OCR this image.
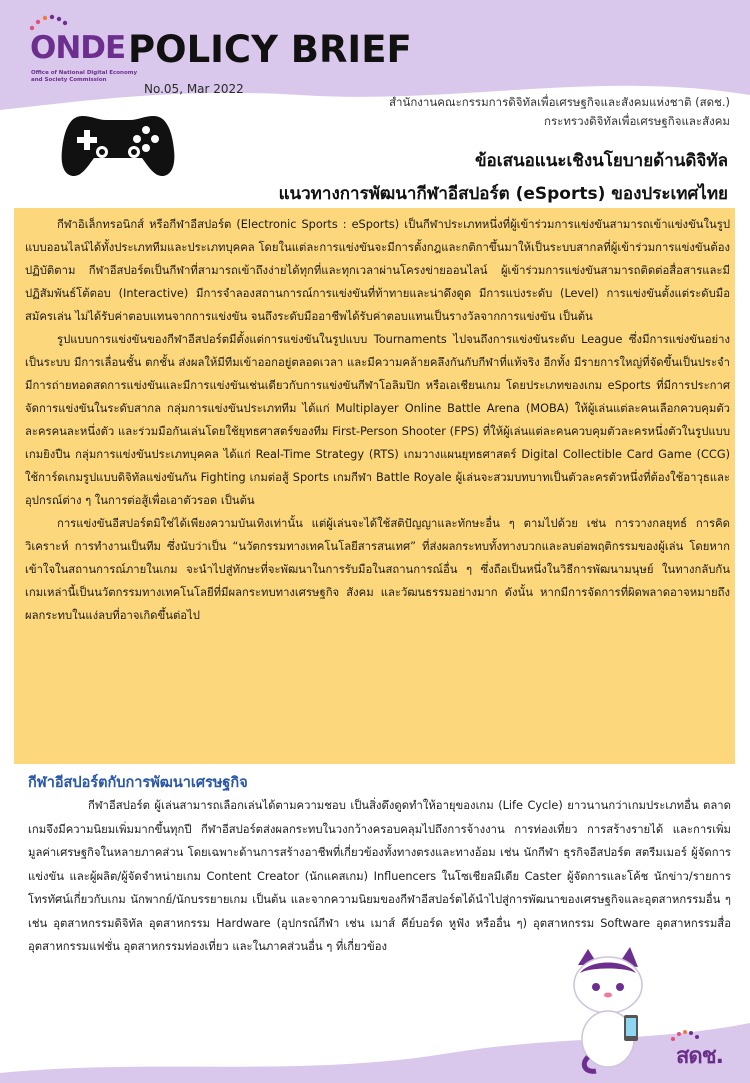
ONDE
Office of National Digital Economy and Society Commission
POLICY BRIEF
No.05, Mar 2022
สำนักงานคณะกรรมการดิจิทัลเพื่อเศรษฐกิจและสังคมแห่งชาติ (สดช.)
กระทรวงดิจิทัลเพื่อเศรษฐกิจและสังคม
ข้อเสนอแนะเชิงนโยบายด้านดิจิทัล
แนวทางการพัฒนากีฬาอีสปอร์ต (eSports) ของประเทศไทย

กีฬาอิเล็กทรอนิกส์ หรือกีฬาอีสปอร์ต (Electronic Sports : eSports) เป็นกีฬาประเภทหนึ่งที่ผู้เข้าร่วมการแข่งขันสามารถเข้าแข่งขันในรูปแบบออนไลน์ได้ทั้งประเภททีมและประเภทบุคคล โดยในแต่ละการแข่งขันจะมีการตั้งกฎและกติกาขึ้นมาให้เป็นระบบสากลที่ผู้เข้าร่วมการแข่งขันต้องปฏิบัติตาม กีฬาอีสปอร์ตเป็นกีฬาที่สามารถเข้าถึงง่ายได้ทุกที่และทุกเวลาผ่านโครงข่ายออนไลน์ ผู้เข้าร่วมการแข่งขันสามารถติดต่อสื่อสารและมีปฏิสัมพันธ์โต้ตอบ (Interactive) มีการจำลองสถานการณ์การแข่งขันที่ท้าทายและน่าดึงดูด มีการแบ่งระดับ (Level) การแข่งขันตั้งแต่ระดับมือสมัครเล่น ไม่ได้รับค่าตอบแทนจากการแข่งขัน จนถึงระดับมืออาชีพได้รับค่าตอบแทนเป็นรางวัลจากการแข่งขัน เป็นต้น

รูปแบบการแข่งขันของกีฬาอีสปอร์ตมีตั้งแต่การแข่งขันในรูปแบบ Tournaments ไปจนถึงการแข่งขันระดับ League ซึ่งมีการแข่งขันอย่างเป็นระบบ มีการเลื่อนชั้น ตกชั้น ส่งผลให้มีทีมเข้าออกอยู่ตลอดเวลา และมีความคล้ายคลึงกันกับกีฬาที่แท้จริง อีกทั้ง มีรายการใหญ่ที่จัดขึ้นเป็นประจำ มีการถ่ายทอดสดการแข่งขันและมีการแข่งขันเช่นเดียวกับการแข่งขันกีฬาโอลิมปิก หรือเอเชียนเกม โดยประเภทของเกม eSports ที่มีการประกาศจัดการแข่งขันในระดับสากล กลุ่มการแข่งขันประเภททีม ได้แก่ Multiplayer Online Battle Arena (MOBA) ให้ผู้เล่นแต่ละคนเลือกควบคุมตัวละครคนละหนึ่งตัว และร่วมมือกันเล่นโดยใช้ยุทธศาสตร์ของทีม First-Person Shooter (FPS) ที่ให้ผู้เล่นแต่ละคนควบคุมตัวละครหนึ่งตัวในรูปแบบเกมยิงปืน กลุ่มการแข่งขันประเภทบุคคล ได้แก่ Real-Time Strategy (RTS) เกมวางแผนยุทธศาสตร์ Digital Collectible Card Game (CCG) ใช้การ์ดเกมรูปแบบดิจิทัลแข่งขันกัน Fighting เกมต่อสู้ Sports เกมกีฬา Battle Royale ผู้เล่นจะสวมบทบาทเป็นตัวละครตัวหนึ่งที่ต้องใช้อาวุธและอุปกรณ์ต่าง ๆ ในการต่อสู้เพื่อเอาตัวรอด เป็นต้น

การแข่งขันอีสปอร์ตมิใช่ได้เพียงความบันเทิงเท่านั้น แต่ผู้เล่นจะได้ใช้สติปัญญาและทักษะอื่น ๆ ตามไปด้วย เช่น การวางกลยุทธ์ การคิดวิเคราะห์ การทำงานเป็นทีม ซึ่งนับว่าเป็น “นวัตกรรมทางเทคโนโลยีสารสนเทศ” ที่ส่งผลกระทบทั้งทางบวกและลบต่อพฤติกรรมของผู้เล่น โดยหากเข้าใจในสถานการณ์ภายในเกม จะนำไปสู่ทักษะที่จะพัฒนาในการรับมือในสถานการณ์อื่น ๆ ซึ่งถือเป็นหนึ่งในวิธีการพัฒนามนุษย์ ในทางกลับกัน เกมเหล่านี้เป็นนวัตกรรมทางเทคโนโลยีที่มีผลกระทบทางเศรษฐกิจ สังคม และวัฒนธรรมอย่างมาก ดังนั้น หากมีการจัดการที่ผิดพลาดอาจหมายถึงผลกระทบในแง่ลบที่อาจเกิดขึ้นต่อไป

กีฬาอีสปอร์ตกับการพัฒนาเศรษฐกิจ

กีฬาอีสปอร์ต ผู้เล่นสามารถเลือกเล่นได้ตามความชอบ เป็นสิ่งดึงดูดทำให้อายุของเกม (Life Cycle) ยาวนานกว่าเกมประเภทอื่น ตลาดเกมจึงมีความนิยมเพิ่มมากขึ้นทุกปี กีฬาอีสปอร์ตส่งผลกระทบในวงกว้างครอบคลุมไปถึงการจ้างงาน การท่องเที่ยว การสร้างรายได้ และการเพิ่มมูลค่าเศรษฐกิจในหลายภาคส่วน โดยเฉพาะด้านการสร้างอาชีพที่เกี่ยวข้องทั้งทางตรงและทางอ้อม เช่น นักกีฬา ธุรกิจอีสปอร์ต สตรีมเมอร์ ผู้จัดการแข่งขัน และผู้ผลิต/ผู้จัดจำหน่ายเกม Content Creator (นักแคสเกม) Influencers ในโซเชียลมีเดีย Caster ผู้จัดการและโค้ช นักข่าว/รายการโทรทัศน์เกี่ยวกับเกม นักพากย์/นักบรรยายเกม เป็นต้น และจากความนิยมของกีฬาอีสปอร์ตได้นำไปสู่การพัฒนาของเศรษฐกิจและอุตสาหกรรมอื่น ๆ เช่น อุตสาหกรรมดิจิทัล อุตสาหกรรม Hardware (อุปกรณ์กีฬา เช่น เมาส์ คีย์บอร์ด หูฟัง หรืออื่น ๆ) อุตสาหกรรม Software อุตสาหกรรมสื่อ อุตสาหกรรมแฟชั่น อุตสาหกรรมท่องเที่ยว และในภาคส่วนอื่น ๆ ที่เกี่ยวข้อง

สดช.
